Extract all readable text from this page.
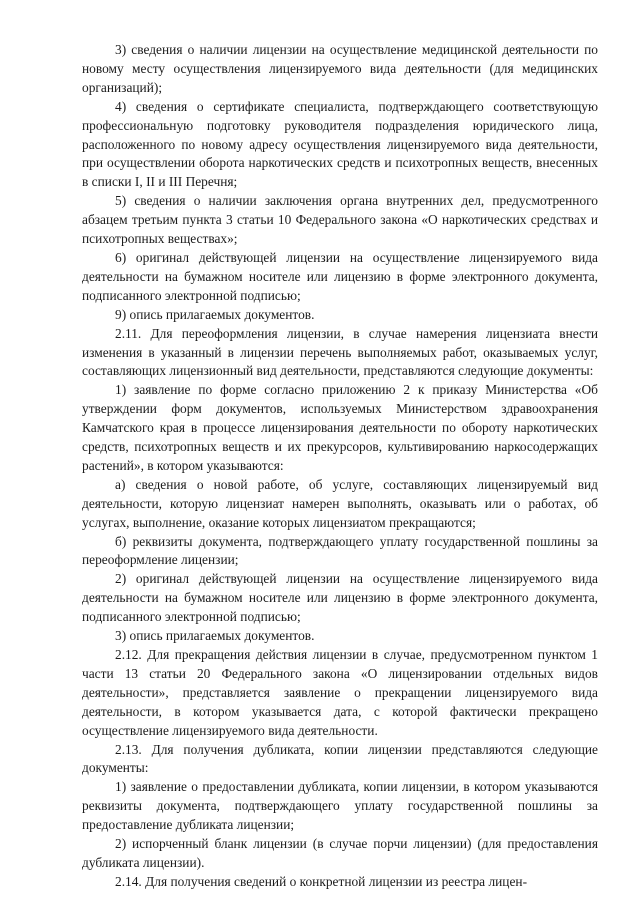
3) сведения о наличии лицензии на осуществление медицинской деятельности по новому месту осуществления лицензируемого вида деятельности (для медицинских организаций);

4) сведения о сертификате специалиста, подтверждающего соответствующую профессиональную подготовку руководителя подразделения юридического лица, расположенного по новому адресу осуществления лицензируемого вида деятельности, при осуществлении оборота наркотических средств и психотропных веществ, внесенных в списки I, II и III Перечня;

5) сведения о наличии заключения органа внутренних дел, предусмотренного абзацем третьим пункта 3 статьи 10 Федерального закона «О наркотических средствах и психотропных веществах»;

6) оригинал действующей лицензии на осуществление лицензируемого вида деятельности на бумажном носителе или лицензию в форме электронного документа, подписанного электронной подписью;

9) опись прилагаемых документов.

2.11. Для переоформления лицензии, в случае намерения лицензиата внести изменения в указанный в лицензии перечень выполняемых работ, оказываемых услуг, составляющих лицензионный вид деятельности, представляются следующие документы:

1) заявление по форме согласно приложению 2 к приказу Министерства «Об утверждении форм документов, используемых Министерством здравоохранения Камчатского края в процессе лицензирования деятельности по обороту наркотических средств, психотропных веществ и их прекурсоров, культивированию наркосодержащих растений», в котором указываются:

а) сведения о новой работе, об услуге, составляющих лицензируемый вид деятельности, которую лицензиат намерен выполнять, оказывать или о работах, об услугах, выполнение, оказание которых лицензиатом прекращаются;

б) реквизиты документа, подтверждающего уплату государственной пошлины за переоформление лицензии;

2) оригинал действующей лицензии на осуществление лицензируемого вида деятельности на бумажном носителе или лицензию в форме электронного документа, подписанного электронной подписью;

3) опись прилагаемых документов.

2.12. Для прекращения действия лицензии в случае, предусмотренном пунктом 1 части 13 статьи 20 Федерального закона «О лицензировании отдельных видов деятельности», представляется заявление о прекращении лицензируемого вида деятельности, в котором указывается дата, с которой фактически прекращено осуществление лицензируемого вида деятельности.

2.13. Для получения дубликата, копии лицензии представляются следующие документы:

1) заявление о предоставлении дубликата, копии лицензии, в котором указываются реквизиты документа, подтверждающего уплату государственной пошлины за предоставление дубликата лицензии;

2) испорченный бланк лицензии (в случае порчи лицензии) (для предоставления дубликата лицензии).

2.14. Для получения сведений о конкретной лицензии из реестра лицен-
